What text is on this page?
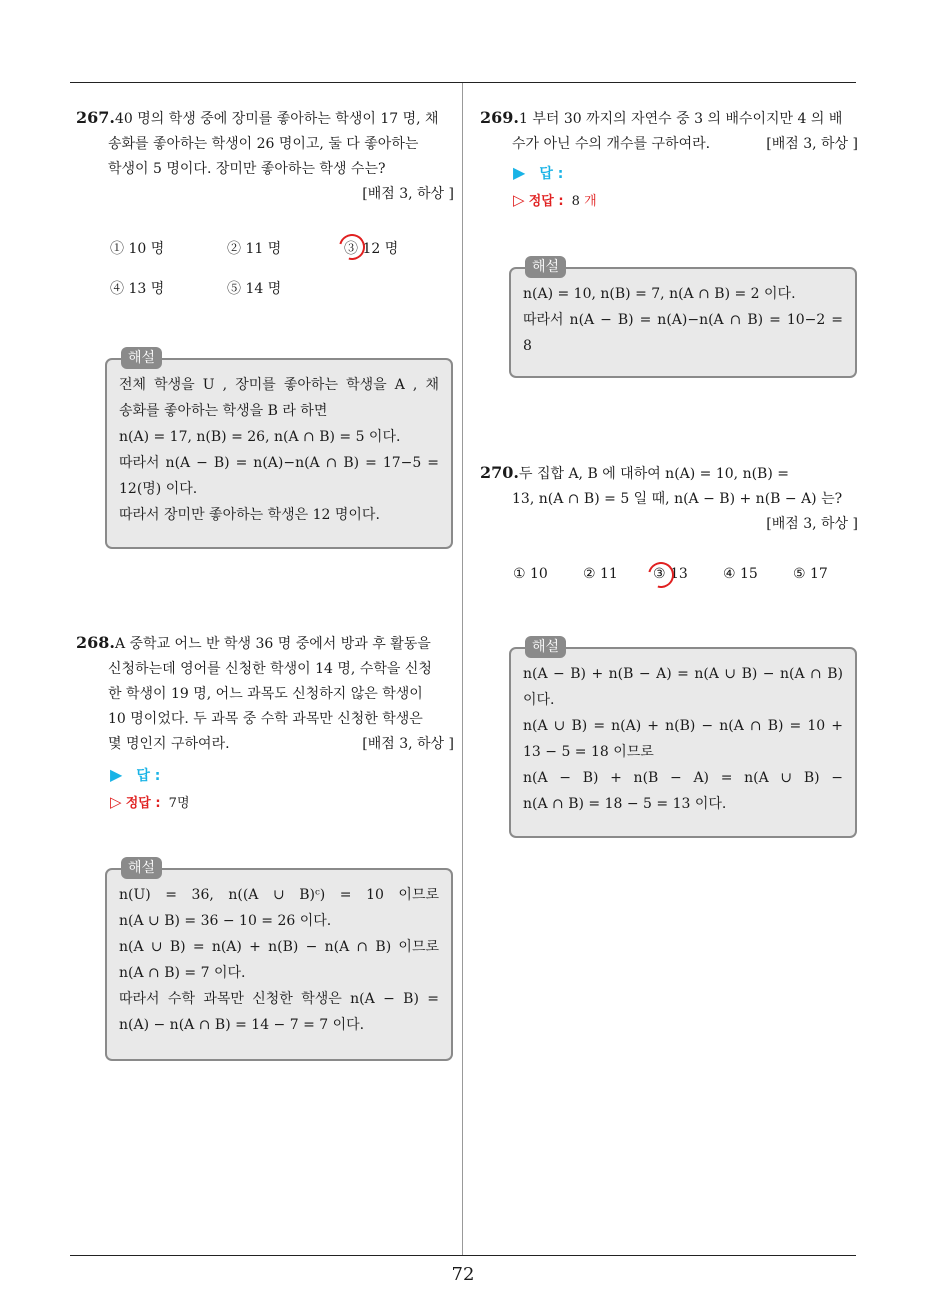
267.40 명의 학생 중에 장미를 좋아하는 학생이 17 명, 채
송화를 좋아하는 학생이 26 명이고, 둘 다 좋아하는
학생이 5 명이다. 장미만 좋아하는 학생 수는?
[배점 3, 하상 ]
① 10 명	② 11 명	③ 12 명
④ 13 명	⑤ 14 명
해설
전체 학생을 U , 장미를 좋아하는 학생을 A , 채
송화를 좋아하는 학생을 B 라 하면
n(A) = 17, n(B) = 26, n(A ∩ B) = 5 이다.
따라서 n(A − B) = n(A)−n(A ∩ B) = 17−5 =
12(명) 이다.
따라서 장미만 좋아하는 학생은 12 명이다.
268.A 중학교 어느 반 학생 36 명 중에서 방과 후 활동을
신청하는데 영어를 신청한 학생이 14 명, 수학을 신청
한 학생이 19 명, 어느 과목도 신청하지 않은 학생이
10 명이었다. 두 과목 중 수학 과목만 신청한 학생은
몇 명인지 구하여라.	[배점 3, 하상 ]
▶ 답 :
▷ 정답 : 7명
해설
n(U) = 36, n((A ∪ B)ᶜ) = 10 이므로
n(A ∪ B) = 36 − 10 = 26 이다.
n(A ∪ B) = n(A) + n(B) − n(A ∩ B) 이므로
n(A ∩ B) = 7 이다.
따라서 수학 과목만 신청한 학생은 n(A − B) =
n(A) − n(A ∩ B) = 14 − 7 = 7 이다.
269.1 부터 30 까지의 자연수 중 3 의 배수이지만 4 의 배
수가 아닌 수의 개수를 구하여라.	[배점 3, 하상 ]
▶ 답 :
▷ 정답 : 8 개
해설
n(A) = 10, n(B) = 7, n(A ∩ B) = 2 이다.
따라서 n(A − B) = n(A)−n(A ∩ B) = 10−2 =
8
270.두 집합 A, B 에 대하여 n(A) = 10, n(B) =
13, n(A ∩ B) = 5 일 때, n(A − B) + n(B − A) 는?
[배점 3, 하상 ]
① 10	② 11	③ 13	④ 15	⑤ 17
해설
n(A − B) + n(B − A) = n(A ∪ B) − n(A ∩ B)
이다.
n(A ∪ B) = n(A) + n(B) − n(A ∩ B) = 10 +
13 − 5 = 18 이므로
n(A − B) + n(B − A) = n(A ∪ B) −
n(A ∩ B) = 18 − 5 = 13 이다.
72
